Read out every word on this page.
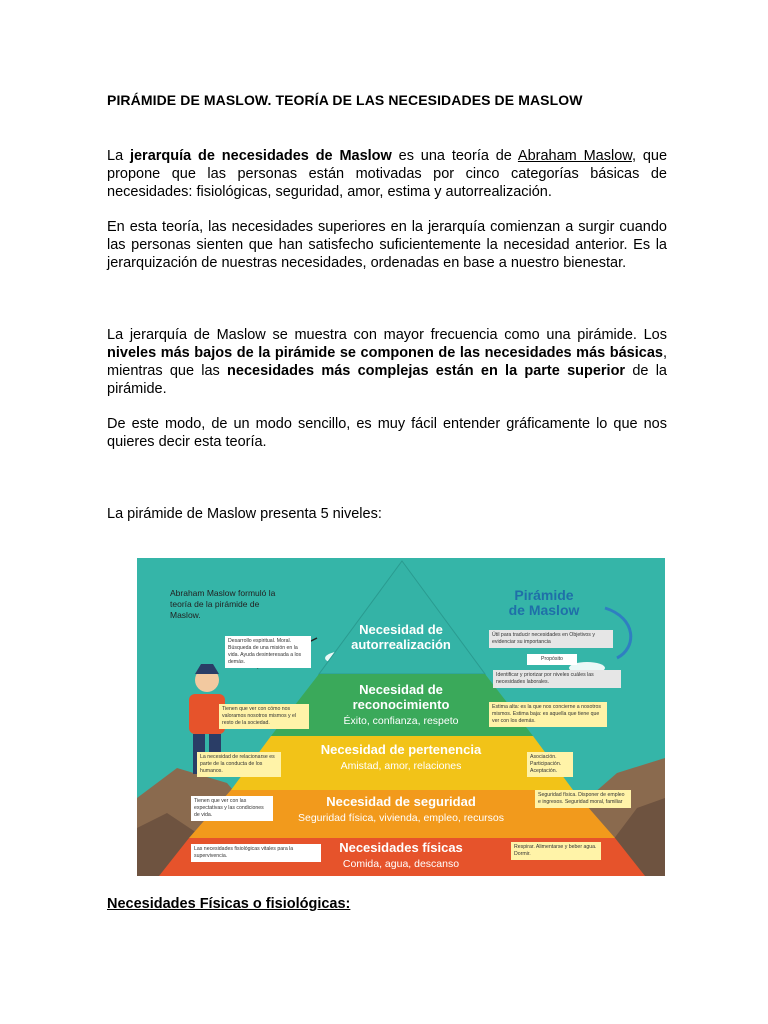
PIRÁMIDE DE MASLOW. TEORÍA DE LAS NECESIDADES DE MASLOW
La jerarquía de necesidades de Maslow es una teoría de Abraham Maslow, que propone que las personas están motivadas por cinco categorías básicas de necesidades: fisiológicas, seguridad, amor, estima y autorrealización.
En esta teoría, las necesidades superiores en la jerarquía comienzan a surgir cuando las personas sienten que han satisfecho suficientemente la necesidad anterior. Es la jerarquización de nuestras necesidades, ordenadas en base a nuestro bienestar.
La jerarquía de Maslow se muestra con mayor frecuencia como una pirámide. Los niveles más bajos de la pirámide se componen de las necesidades más básicas, mientras que las necesidades más complejas están en la parte superior de la pirámide.
De este modo, de un modo sencillo, es muy fácil entender gráficamente lo que nos quieres decir esta teoría.
La pirámide de Maslow presenta 5 niveles:
Necesidades Físicas o fisiológicas:
Abraham Maslow formuló la teoría de la pirámide de Maslow.
Pirámide
de Maslow
Necesidad de
autorrealización
Necesidad de
reconocimiento
Éxito, confianza, respeto
Necesidad de pertenencia
Amistad, amor, relaciones
Necesidad de seguridad
Seguridad física, vivienda, empleo, recursos
Necesidades físicas
Comida, agua, descanso
Desarrollo espiritual. Moral. Búsqueda de una misión en la vida. Ayuda desinteresada a los demás.
Tienen que ver con cómo nos valoramos nosotros mismos y el resto de la sociedad.
La necesidad de relacionarse es parte de la conducta de los humanos.
Tienen que ver con las expectativas y las condiciones de vida.
Las necesidades fisiológicas vitales para la supervivencia.
Útil para traducir necesidades en Objetivos y evidenciar su importancia
Propósito
Identificar y priorizar por niveles cuáles las necesidades laborales.
Estima alta: es la que nos concierne a nosotros mismos. Estima baja: es aquella que tiene que ver con los demás.
Asociación. Participación. Aceptación.
Seguridad física. Disponer de empleo e ingresos. Seguridad moral, familiar
Respirar. Alimentarse y beber agua. Dormir.
